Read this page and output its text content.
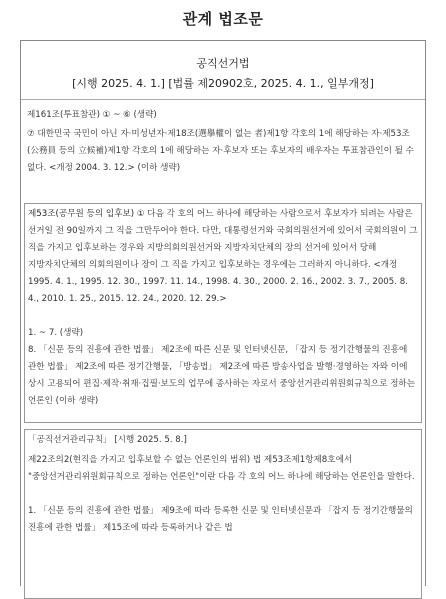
관계 법조문
공직선거법
[시행 2025. 4. 1.] [법률 제20902호, 2025. 4. 1., 일부개정]

제161조(투표참관) ① ~ ⑥ (생략)

⑦ 대한민국 국민이 아닌 자·미성년자·제18조(選擧權이 없는 者)제1항 각호의 1에 해당하는 자·제53조(公務員 등의 立候補)제1항 각호의 1에 해당하는 자·후보자 또는 후보자의 배우자는 투표참관인이 될 수 없다. <개정 2004. 3. 12.> (이하 생략)

제53조(공무원 등의 입후보) ① 다음 각 호의 어느 하나에 해당하는 사람으로서 후보자가 되려는 사람은 선거일 전 90일까지 그 직을 그만두어야 한다. 다만, 대통령선거와 국회의원선거에 있어서 국회의원이 그 직을 가지고 입후보하는 경우와 지방의회의원선거와 지방자치단체의 장의 선거에 있어서 당해 지방자치단체의 의회의원이나 장이 그 직을 가지고 입후보하는 경우에는 그러하지 아니하다. <개정 1995. 4. 1., 1995. 12. 30., 1997. 11. 14., 1998. 4. 30., 2000. 2. 16., 2002. 3. 7., 2005. 8. 4., 2010. 1. 25., 2015. 12. 24., 2020. 12. 29.>

1. ~ 7. (생략)

8. 「신문 등의 진흥에 관한 법률」 제2조에 따른 신문 및 인터넷신문, 「잡지 등 정기간행물의 진흥에 관한 법률」 제2조에 따른 정기간행물, 「방송법」 제2조에 따른 방송사업을 발행·경영하는 자와 이에 상시 고용되어 편집·제작·취재·집필·보도의 업무에 종사하는 자로서 중앙선거관리위원회규칙으로 정하는 언론인 (이하 생략)

「공직선거관리규칙」 [시행 2025. 5. 8.]

제22조의2(현직을 가지고 입후보할 수 없는 언론인의 범위) 법 제53조제1항제8호에서 "중앙선거관리위원회규칙으로 정하는 언론인"이란 다음 각 호의 어느 하나에 해당하는 언론인을 말한다.

1. 「신문 등의 진흥에 관한 법률」 제9조에 따라 등록한 신문 및 인터넷신문과 「잡지 등 정기간행물의 진흥에 관한 법률」 제15조에 따라 등록하거나 같은 법
